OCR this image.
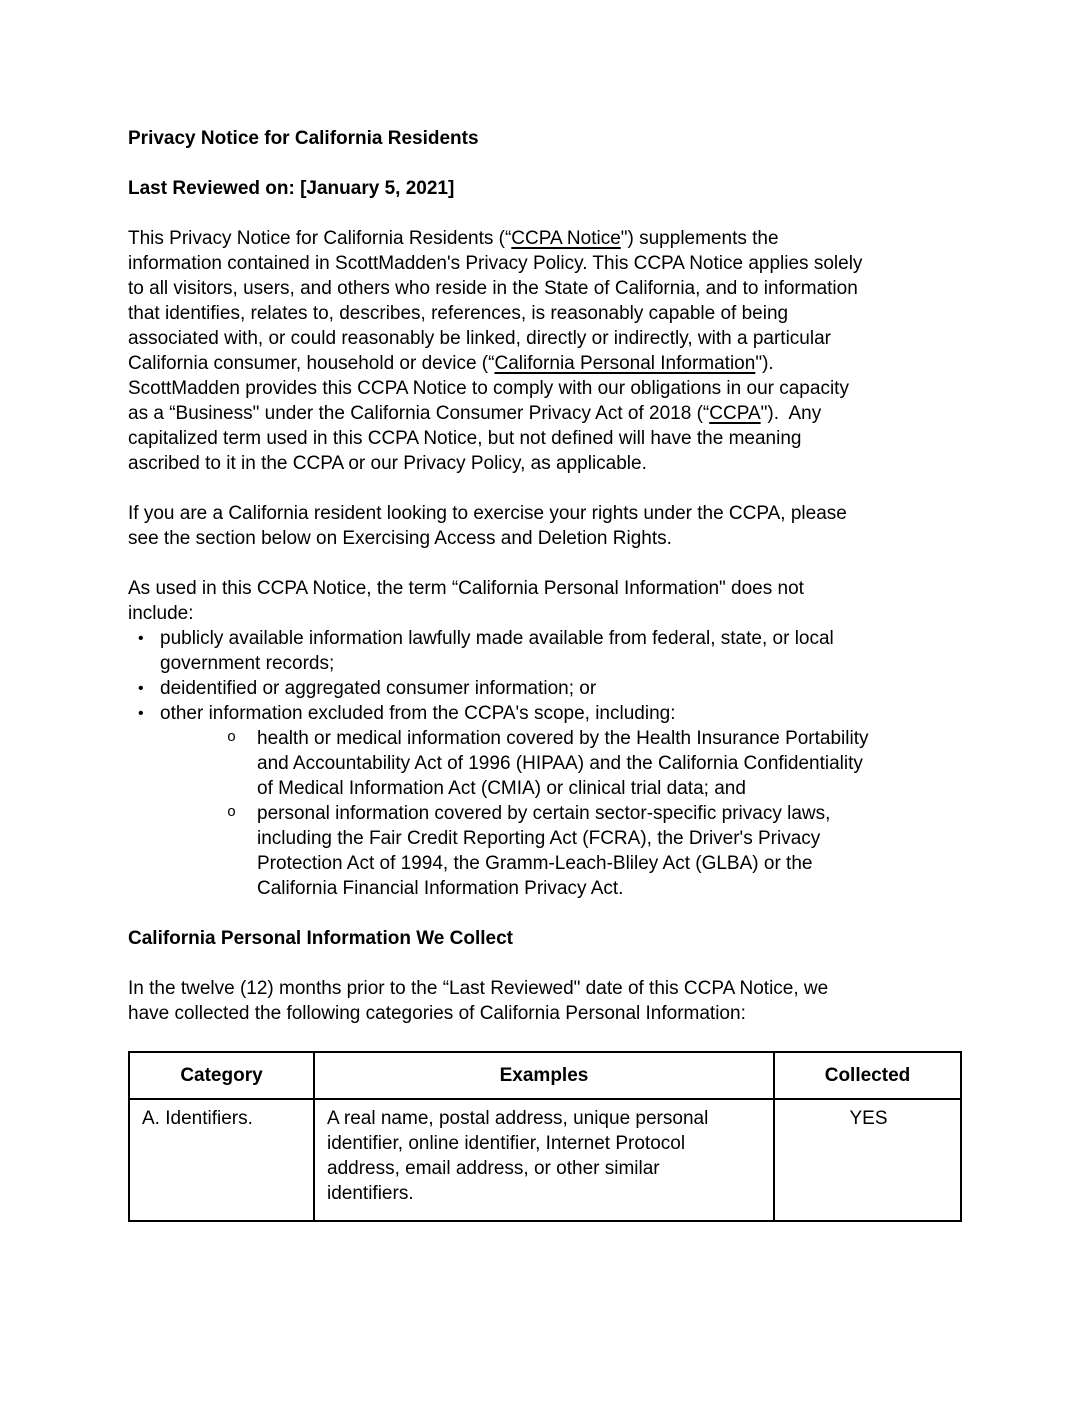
Privacy Notice for California Residents
Last Reviewed on: [January 5, 2021]
This Privacy Notice for California Residents (“CCPA Notice") supplements the
information contained in ScottMadden's Privacy Policy. This CCPA Notice applies solely
to all visitors, users, and others who reside in the State of California, and to information
that identifies, relates to, describes, references, is reasonably capable of being
associated with, or could reasonably be linked, directly or indirectly, with a particular
California consumer, household or device (“California Personal Information").
ScottMadden provides this CCPA Notice to comply with our obligations in our capacity
as a “Business" under the California Consumer Privacy Act of 2018 (“CCPA").  Any
capitalized term used in this CCPA Notice, but not defined will have the meaning
ascribed to it in the CCPA or our Privacy Policy, as applicable.
If you are a California resident looking to exercise your rights under the CCPA, please
see the section below on Exercising Access and Deletion Rights.
As used in this CCPA Notice, the term “California Personal Information" does not
include:
• publicly available information lawfully made available from federal, state, or local
government records;
• deidentified or aggregated consumer information; or
• other information excluded from the CCPA's scope, including:
o health or medical information covered by the Health Insurance Portability
and Accountability Act of 1996 (HIPAA) and the California Confidentiality
of Medical Information Act (CMIA) or clinical trial data; and
o personal information covered by certain sector-specific privacy laws,
including the Fair Credit Reporting Act (FCRA), the Driver's Privacy
Protection Act of 1994, the Gramm-Leach-Bliley Act (GLBA) or the
California Financial Information Privacy Act.
California Personal Information We Collect
In the twelve (12) months prior to the “Last Reviewed" date of this CCPA Notice, we
have collected the following categories of California Personal Information:
Category	Examples	Collected
A. Identifiers.	A real name, postal address, unique personal
identifier, online identifier, Internet Protocol
address, email address, or other similar
identifiers.	YES
